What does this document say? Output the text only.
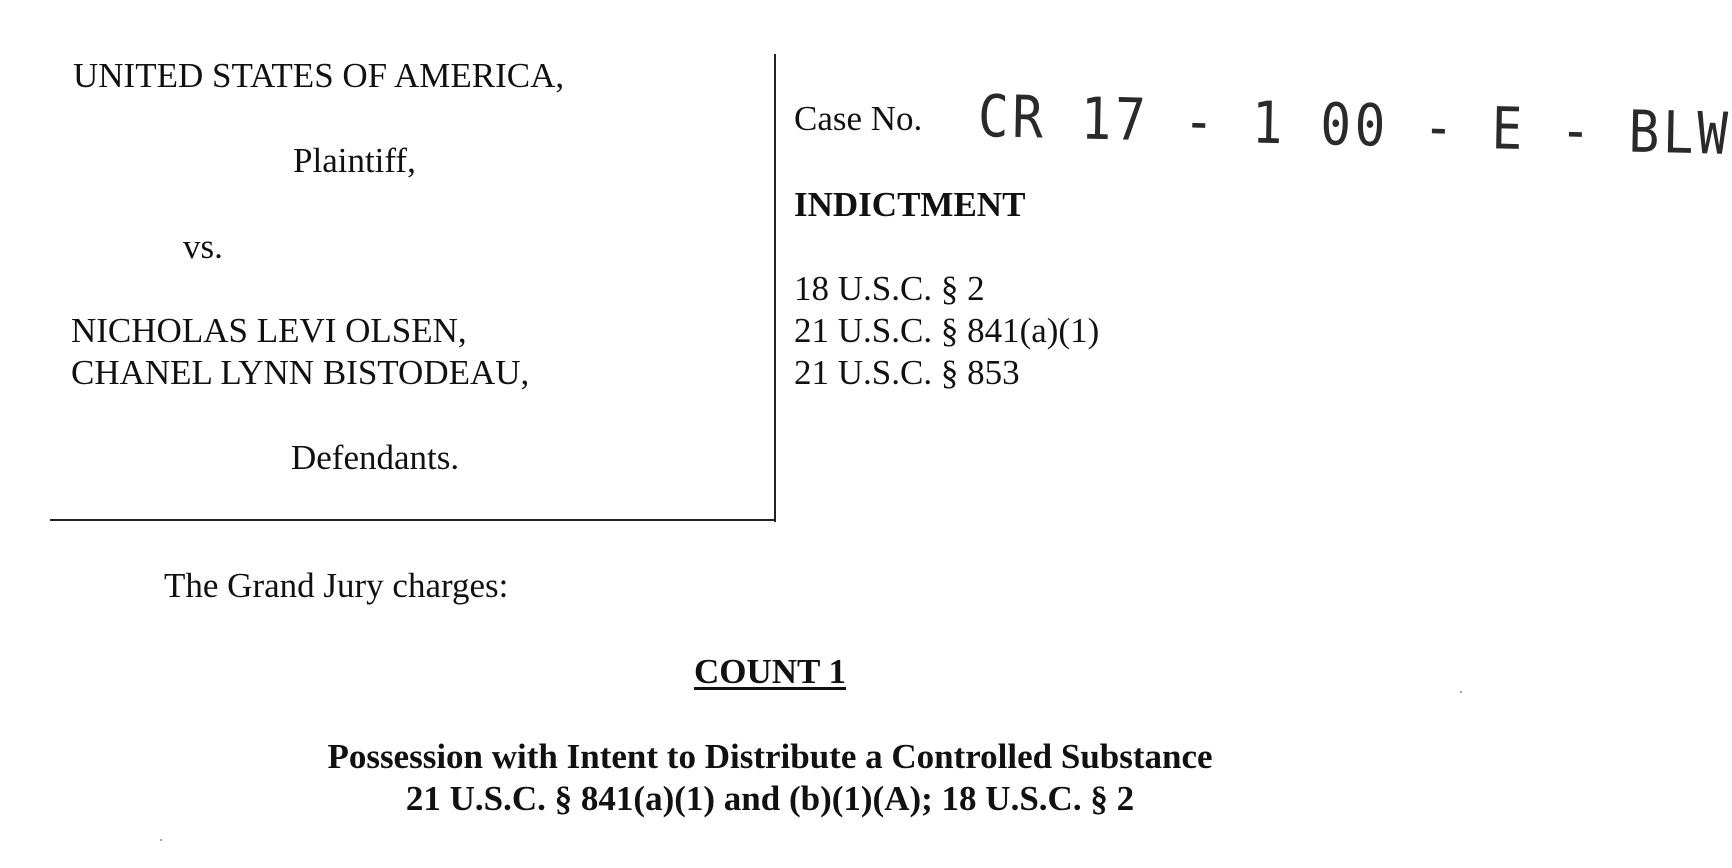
UNITED STATES OF AMERICA,
Plaintiff,
vs.
NICHOLAS LEVI OLSEN,
CHANEL LYNN BISTODEAU,
Defendants.
Case No. CR 17 - 1 00 - E - BLW
INDICTMENT
18 U.S.C. § 2
21 U.S.C. § 841(a)(1)
21 U.S.C. § 853
The Grand Jury charges:
COUNT 1
Possession with Intent to Distribute a Controlled Substance
21 U.S.C. § 841(a)(1) and (b)(1)(A); 18 U.S.C. § 2
